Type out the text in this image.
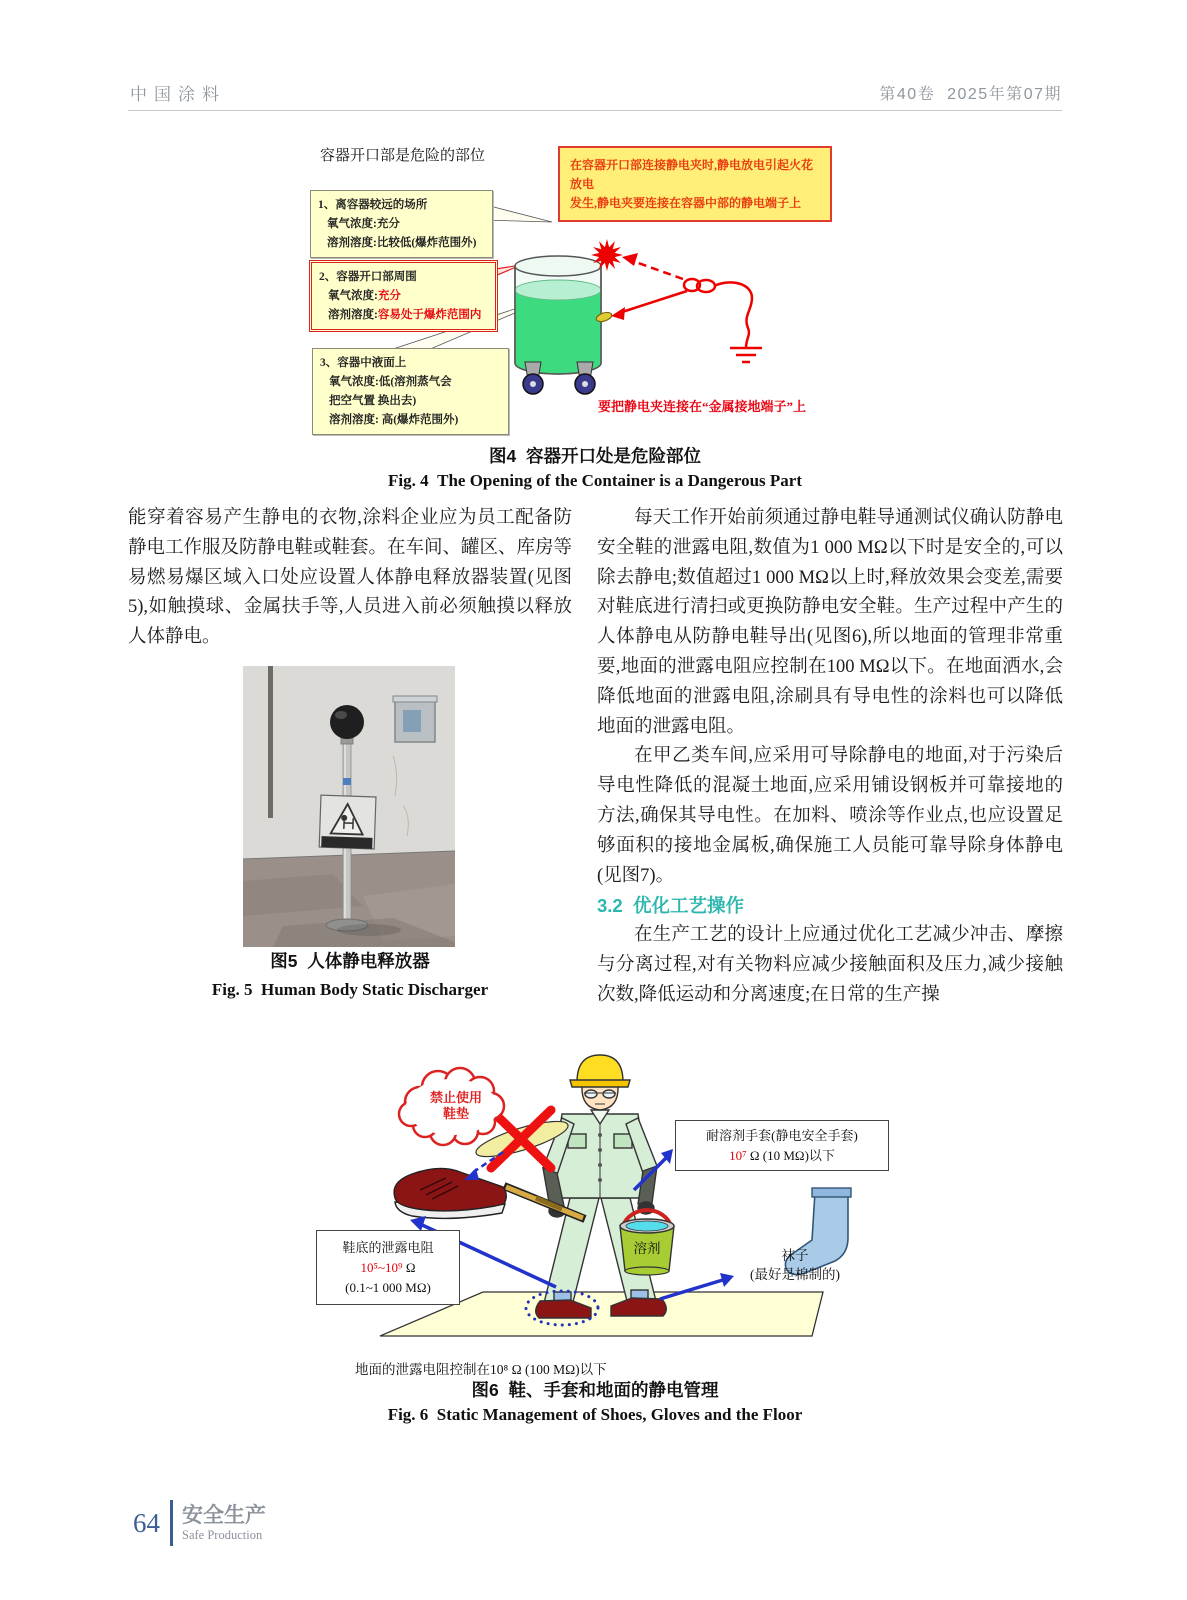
中国涂料	第40卷  2025年第07期
容器开口部是危险的部位
在容器开口部连接静电夹时,静电放电引起火花放电
发生,静电夹要连接在容器中部的静电端子上
1、离容器较远的场所
氧气浓度:充分
溶剂溶度:比较低(爆炸范围外)
2、容器开口部周围
氧气浓度:充分
溶剂溶度:容易处于爆炸范围内
3、容器中液面上
氧气浓度:低(溶剂蒸气会
把空气置 换出去)
溶剂溶度: 高(爆炸范围外)
要把静电夹连接在“金属接地端子”上
图4  容器开口处是危险部位
Fig. 4  The Opening of the Container is a Dangerous Part

能穿着容易产生静电的衣物,涂料企业应为员工配备防静电工作服及防静电鞋或鞋套。在车间、罐区、库房等易燃易爆区域入口处应设置人体静电释放器装置(见图5),如触摸球、金属扶手等,人员进入前必须触摸以释放人体静电。

图5  人体静电释放器
Fig. 5  Human Body Static Discharger

每天工作开始前须通过静电鞋导通测试仪确认防静电安全鞋的泄露电阻,数值为1 000 MΩ以下时是安全的,可以除去静电;数值超过1 000 MΩ以上时,释放效果会变差,需要对鞋底进行清扫或更换防静电安全鞋。生产过程中产生的人体静电从防静电鞋导出(见图6),所以地面的管理非常重要,地面的泄露电阻应控制在100 MΩ以下。在地面洒水,会降低地面的泄露电阻,涂刷具有导电性的涂料也可以降低地面的泄露电阻。

在甲乙类车间,应采用可导除静电的地面,对于污染后导电性降低的混凝土地面,应采用铺设钢板并可靠接地的方法,确保其导电性。在加料、喷涂等作业点,也应设置足够面积的接地金属板,确保施工人员能可靠导除身体静电(见图7)。

3.2  优化工艺操作

在生产工艺的设计上应通过优化工艺减少冲击、摩擦与分离过程,对有关物料应减少接触面积及压力,减少接触次数,降低运动和分离速度;在日常的生产操

溶剂
禁止使用
鞋垫
耐溶剂手套(静电安全手套)
10⁷ Ω (10 MΩ)以下
鞋底的泄露电阻
10⁵~10⁹ Ω
(0.1~1 000 MΩ)
袜子
(最好是棉制的)
地面的泄露电阻控制在10⁸ Ω (100 MΩ)以下
图6  鞋、手套和地面的静电管理
Fig. 6  Static Management of Shoes, Gloves and the Floor
64 安全生产
Safe Production
